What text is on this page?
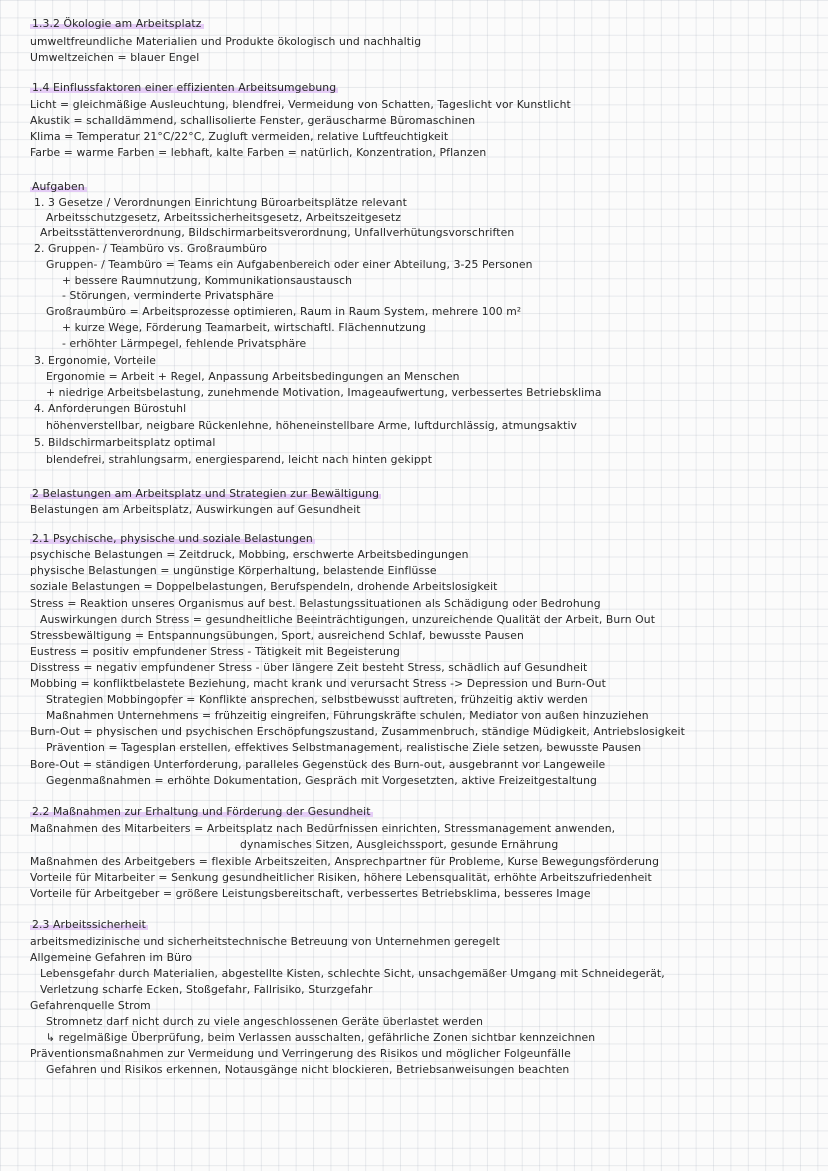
1.3.2 Ökologie am Arbeitsplatz
umweltfreundliche Materialien und Produkte ökologisch und nachhaltig
Umweltzeichen = blauer Engel
1.4 Einflussfaktoren einer effizienten Arbeitsumgebung
Licht = gleichmäßige Ausleuchtung, blendfrei, Vermeidung von Schatten, Tageslicht vor Kunstlicht
Akustik = schalldämmend, schallisolierte Fenster, geräuscharme Büromaschinen
Klima = Temperatur 21°C/22°C, Zugluft vermeiden, relative Luftfeuchtigkeit
Farbe = warme Farben = lebhaft, kalte Farben = natürlich, Konzentration, Pflanzen
Aufgaben
1. 3 Gesetze / Verordnungen Einrichtung Büroarbeitsplätze relevant
Arbeitsschutzgesetz, Arbeitssicherheitsgesetz, Arbeitszeitgesetz
Arbeitsstättenverordnung, Bildschirmarbeitsverordnung, Unfallverhütungsvorschriften
2. Gruppen- / Teambüro vs. Großraumbüro
Gruppen- / Teambüro = Teams ein Aufgabenbereich oder einer Abteilung, 3-25 Personen
+ bessere Raumnutzung, Kommunikationsaustausch
- Störungen, verminderte Privatsphäre
Großraumbüro = Arbeitsprozesse optimieren, Raum in Raum System, mehrere 100 m²
+ kurze Wege, Förderung Teamarbeit, wirtschaftl. Flächennutzung
- erhöhter Lärmpegel, fehlende Privatsphäre
3. Ergonomie, Vorteile
Ergonomie = Arbeit + Regel, Anpassung Arbeitsbedingungen an Menschen
+ niedrige Arbeitsbelastung, zunehmende Motivation, Imageaufwertung, verbessertes Betriebsklima
4. Anforderungen Bürostuhl
höhenverstellbar, neigbare Rückenlehne, höheneinstellbare Arme, luftdurchlässig, atmungsaktiv
5. Bildschirmarbeitsplatz optimal
blendefrei, strahlungsarm, energiesparend, leicht nach hinten gekippt
2 Belastungen am Arbeitsplatz und Strategien zur Bewältigung
Belastungen am Arbeitsplatz, Auswirkungen auf Gesundheit
2.1 Psychische, physische und soziale Belastungen
psychische Belastungen = Zeitdruck, Mobbing, erschwerte Arbeitsbedingungen
physische Belastungen = ungünstige Körperhaltung, belastende Einflüsse
soziale Belastungen = Doppelbelastungen, Berufspendeln, drohende Arbeitslosigkeit
Stress = Reaktion unseres Organismus auf best. Belastungssituationen als Schädigung oder Bedrohung
Auswirkungen durch Stress = gesundheitliche Beeinträchtigungen, unzureichende Qualität der Arbeit, Burn Out
Stressbewältigung = Entspannungsübungen, Sport, ausreichend Schlaf, bewusste Pausen
Eustress = positiv empfundener Stress - Tätigkeit mit Begeisterung
Disstress = negativ empfundener Stress - über längere Zeit besteht Stress, schädlich auf Gesundheit
Mobbing = konfliktbelastete Beziehung, macht krank und verursacht Stress -> Depression und Burn-Out
Strategien Mobbingopfer = Konflikte ansprechen, selbstbewusst auftreten, frühzeitig aktiv werden
Maßnahmen Unternehmens = frühzeitig eingreifen, Führungskräfte schulen, Mediator von außen hinzuziehen
Burn-Out = physischen und psychischen Erschöpfungszustand, Zusammenbruch, ständige Müdigkeit, Antriebslosigkeit
Prävention = Tagesplan erstellen, effektives Selbstmanagement, realistische Ziele setzen, bewusste Pausen
Bore-Out = ständigen Unterforderung, paralleles Gegenstück des Burn-out, ausgebrannt vor Langeweile
Gegenmaßnahmen = erhöhte Dokumentation, Gespräch mit Vorgesetzten, aktive Freizeitgestaltung
2.2 Maßnahmen zur Erhaltung und Förderung der Gesundheit
Maßnahmen des Mitarbeiters = Arbeitsplatz nach Bedürfnissen einrichten, Stressmanagement anwenden,
dynamisches Sitzen, Ausgleichssport, gesunde Ernährung
Maßnahmen des Arbeitgebers = flexible Arbeitszeiten, Ansprechpartner für Probleme, Kurse Bewegungsförderung
Vorteile für Mitarbeiter = Senkung gesundheitlicher Risiken, höhere Lebensqualität, erhöhte Arbeitszufriedenheit
Vorteile für Arbeitgeber = größere Leistungsbereitschaft, verbessertes Betriebsklima, besseres Image
2.3 Arbeitssicherheit
arbeitsmedizinische und sicherheitstechnische Betreuung von Unternehmen geregelt
Allgemeine Gefahren im Büro
Lebensgefahr durch Materialien, abgestellte Kisten, schlechte Sicht, unsachgemäßer Umgang mit Schneidegerät,
Verletzung scharfe Ecken, Stoßgefahr, Fallrisiko, Sturzgefahr
Gefahrenquelle Strom
Stromnetz darf nicht durch zu viele angeschlossenen Geräte überlastet werden
↳ regelmäßige Überprüfung, beim Verlassen ausschalten, gefährliche Zonen sichtbar kennzeichnen
Präventionsmaßnahmen zur Vermeidung und Verringerung des Risikos und möglicher Folgeunfälle
Gefahren und Risikos erkennen, Notausgänge nicht blockieren, Betriebsanweisungen beachten
